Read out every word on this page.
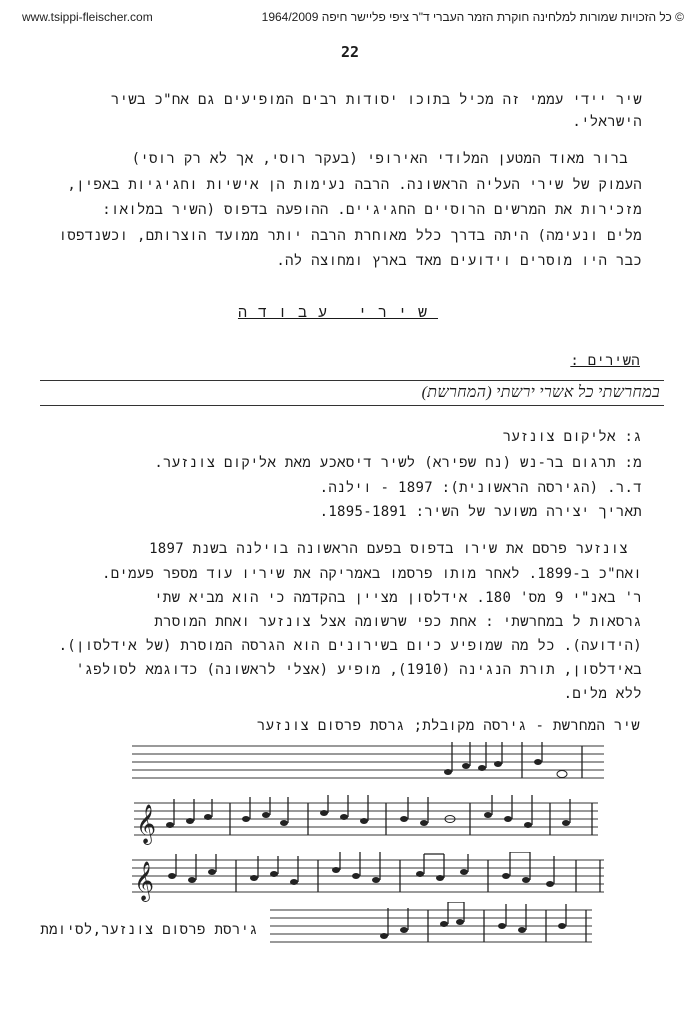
www.tsippi-fleischer.com	© כל הזכויות שמורות למלחינה חוקרת הזמר העברי ד"ר ציפי פליישר חיפה 1964/2009
22
שיר יידי עממי זה מכיל בתוכו יסודות רבים המופיעים גם אח"כ בשיר
הישראלי.
ברור מאוד המטען המלודי האירופי (בעקר רוסי, אך לא רק רוסי)
העמוק של שירי העליה הראשונה. הרבה נעימות הן אישיות וחגיגיות באפין,
מזכירות את המרשים הרוסיים החגיגיים. ההופעה בדפוס (השיר במלואו:
מלים ונעימה) היתה בדרך כלל מאוחרת הרבה יותר ממועד הוצרותם, וכשנדפסו
כבר היו מוסרים וידועים מאד בארץ ומחוצה לה.
שירי עבודה
השירים :
במחרשתי כל אשרי ירשתי (המחרשת)
ג: אליקום צונזער
מ: תרגום בר-נש (נח שפירא) לשיר דיסאכע מאת אליקום צונזער.
ד.ר. (הגירסה הראשונית): 1897 - וילנה.
תאריך יצירה משוער של השיר: 1895-1891.
צונזער פרסם את שירו בדפוס בפעם הראשונה בוילנה בשנת 1897
ואח"כ ב-1899. לאחר מותו פרסמו באמריקה את שיריו עוד מספר פעמים.
ר' באנ"י 9 מס' 180. אידלסון מציין בהקדמה כי הוא מביא שתי
גרסאות ל במחרשתי : אחת כפי שרשומה אצל צונזער ואחת המוסרת
(הידועה). כל מה שמופיע כיום בשירונים הוא הגרסה המוסרת (של אידלסון).
באידלסון, תורת הנגינה (1910), מופיע (אצלי לראשונה) כדוגמא לסולפג'
ללא מלים.
שיר המחרשת - גירסה מקובלת; גרסת פרסום צונזער
𝄞
𝄞
גירסת פרסום צונזער,לסיומת
